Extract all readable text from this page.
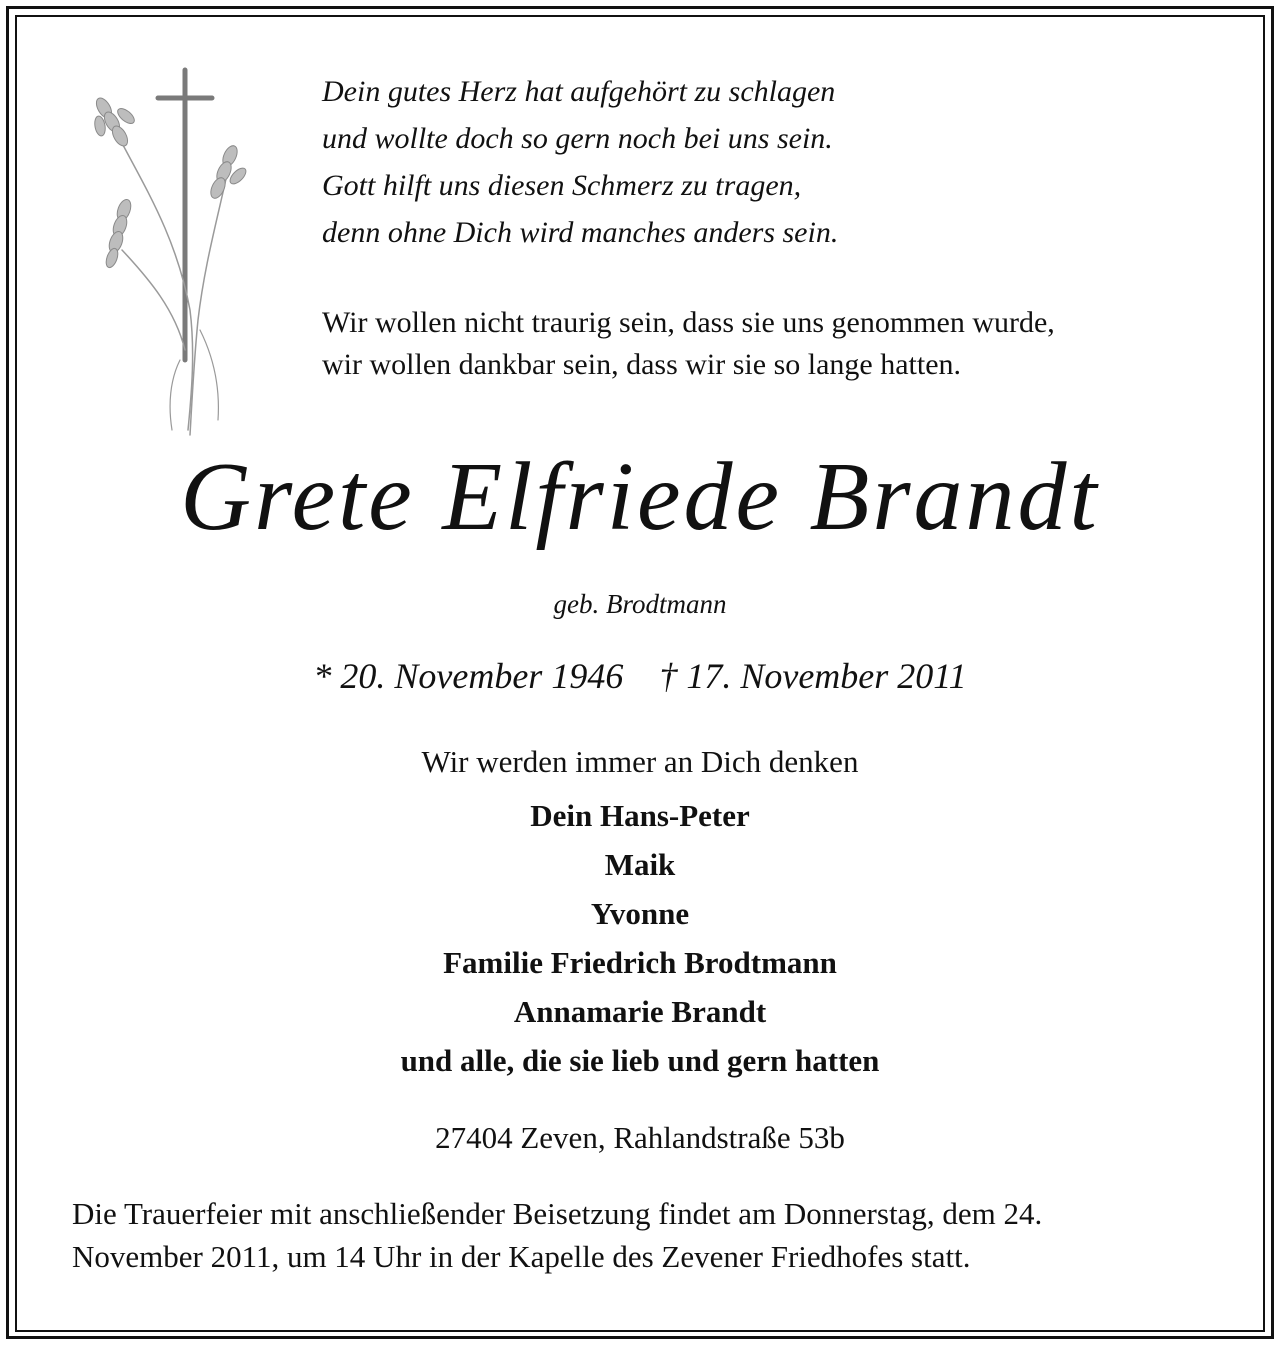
Dein gutes Herz hat aufgehört zu schlagen
und wollte doch so gern noch bei uns sein.
Gott hilft uns diesen Schmerz zu tragen,
denn ohne Dich wird manches anders sein.
Wir wollen nicht traurig sein, dass sie uns genommen wurde,
wir wollen dankbar sein, dass wir sie so lange hatten.
Grete Elfriede Brandt
geb. Brodtmann
* 20. November 1946 † 17. November 2011
Wir werden immer an Dich denken
Dein Hans-Peter
Maik
Yvonne
Familie Friedrich Brodtmann
Annamarie Brandt
und alle, die sie lieb und gern hatten
27404 Zeven, Rahlandstraße 53b
Die Trauerfeier mit anschließender Beisetzung findet am Donnerstag, dem 24.
November 2011, um 14 Uhr in der Kapelle des Zevener Friedhofes statt.
